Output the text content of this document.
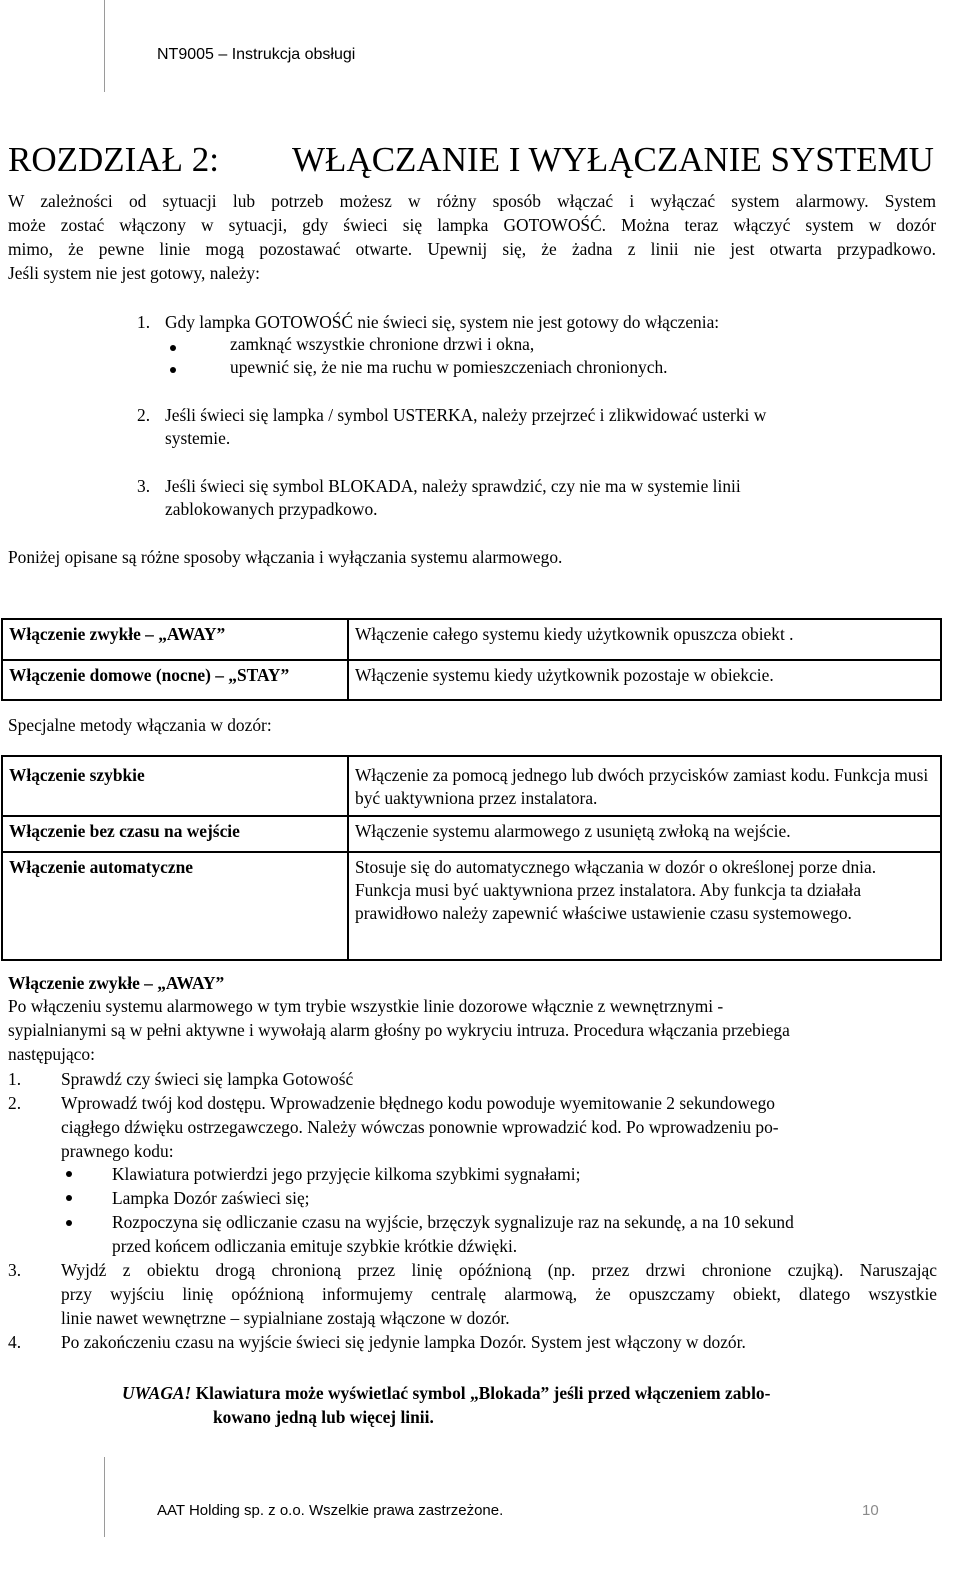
NT9005 – Instrukcja obsługi
ROZDZIAŁ 2: WŁĄCZANIE I WYŁĄCZANIE SYSTEMU
W zależności od sytuacji lub potrzeb możesz w różny sposób włączać i wyłączać system alarmowy. System
może zostać włączony w sytuacji, gdy świeci się lampka GOTOWOŚĆ. Można teraz włączyć system w dozór
mimo, że pewne linie mogą pozostawać otwarte. Upewnij się, że żadna z linii nie jest otwarta przypadkowo.
Jeśli system nie jest gotowy, należy:
1. Gdy lampka GOTOWOŚĆ nie świeci się, system nie jest gotowy do włączenia:
zamknąć wszystkie chronione drzwi i okna,
upewnić się, że nie ma ruchu w pomieszczeniach chronionych.
2. Jeśli świeci się lampka / symbol USTERKA, należy przejrzeć i zlikwidować usterki w
systemie.
3. Jeśli świeci się symbol BLOKADA, należy sprawdzić, czy nie ma w systemie linii
zablokowanych przypadkowo.
Poniżej opisane są różne sposoby włączania i wyłączania systemu alarmowego.
Włączenie zwykłe – „AWAY”	Włączenie całego systemu kiedy użytkownik opuszcza obiekt .
Włączenie domowe (nocne) – „STAY”	Włączenie systemu kiedy użytkownik pozostaje w obiekcie.
Specjalne metody włączania w dozór:
Włączenie szybkie	Włączenie za pomocą jednego lub dwóch przycisków zamiast kodu. Funkcja musi być uaktywniona przez instalatora.
Włączenie bez czasu na wejście	Włączenie systemu alarmowego z usuniętą zwłoką na wejście.
Włączenie automatyczne	Stosuje się do automatycznego włączania w dozór o określonej porze dnia. Funkcja musi być uaktywniona przez instalatora. Aby funkcja ta działała prawidłowo należy zapewnić właściwe ustawienie czasu systemowego.
Włączenie zwykłe – „AWAY”
Po włączeniu systemu alarmowego w tym trybie wszystkie linie dozorowe włącznie z wewnętrznymi -
sypialnianymi są w pełni aktywne i wywołają alarm głośny po wykryciu intruza. Procedura włączania przebiega
następująco:
1. Sprawdź czy świeci się lampka Gotowość
2. Wprowadź twój kod dostępu. Wprowadzenie błędnego kodu powoduje wyemitowanie 2 sekundowego
ciągłego dźwięku ostrzegawczego. Należy wówczas ponownie wprowadzić kod. Po wprowadzeniu po-
prawnego kodu:
Klawiatura potwierdzi jego przyjęcie kilkoma szybkimi sygnałami;
Lampka Dozór zaświeci się;
Rozpoczyna się odliczanie czasu na wyjście, brzęczyk sygnalizuje raz na sekundę, a na 10 sekund
przed końcem odliczania emituje szybkie krótkie dźwięki.
3. Wyjdź z obiektu drogą chronioną przez linię opóźnioną (np. przez drzwi chronione czujką). Naruszając
przy wyjściu linię opóźnioną informujemy centralę alarmową, że opuszczamy obiekt, dlatego wszystkie
linie nawet wewnętrzne – sypialniane zostają włączone w dozór.
4. Po zakończeniu czasu na wyjście świeci się jedynie lampka Dozór. System jest włączony w dozór.
UWAGA! Klawiatura może wyświetlać symbol „Blokada” jeśli przed włączeniem zablo-
kowano jedną lub więcej linii.
AAT Holding sp. z o.o. Wszelkie prawa zastrzeżone.	10
